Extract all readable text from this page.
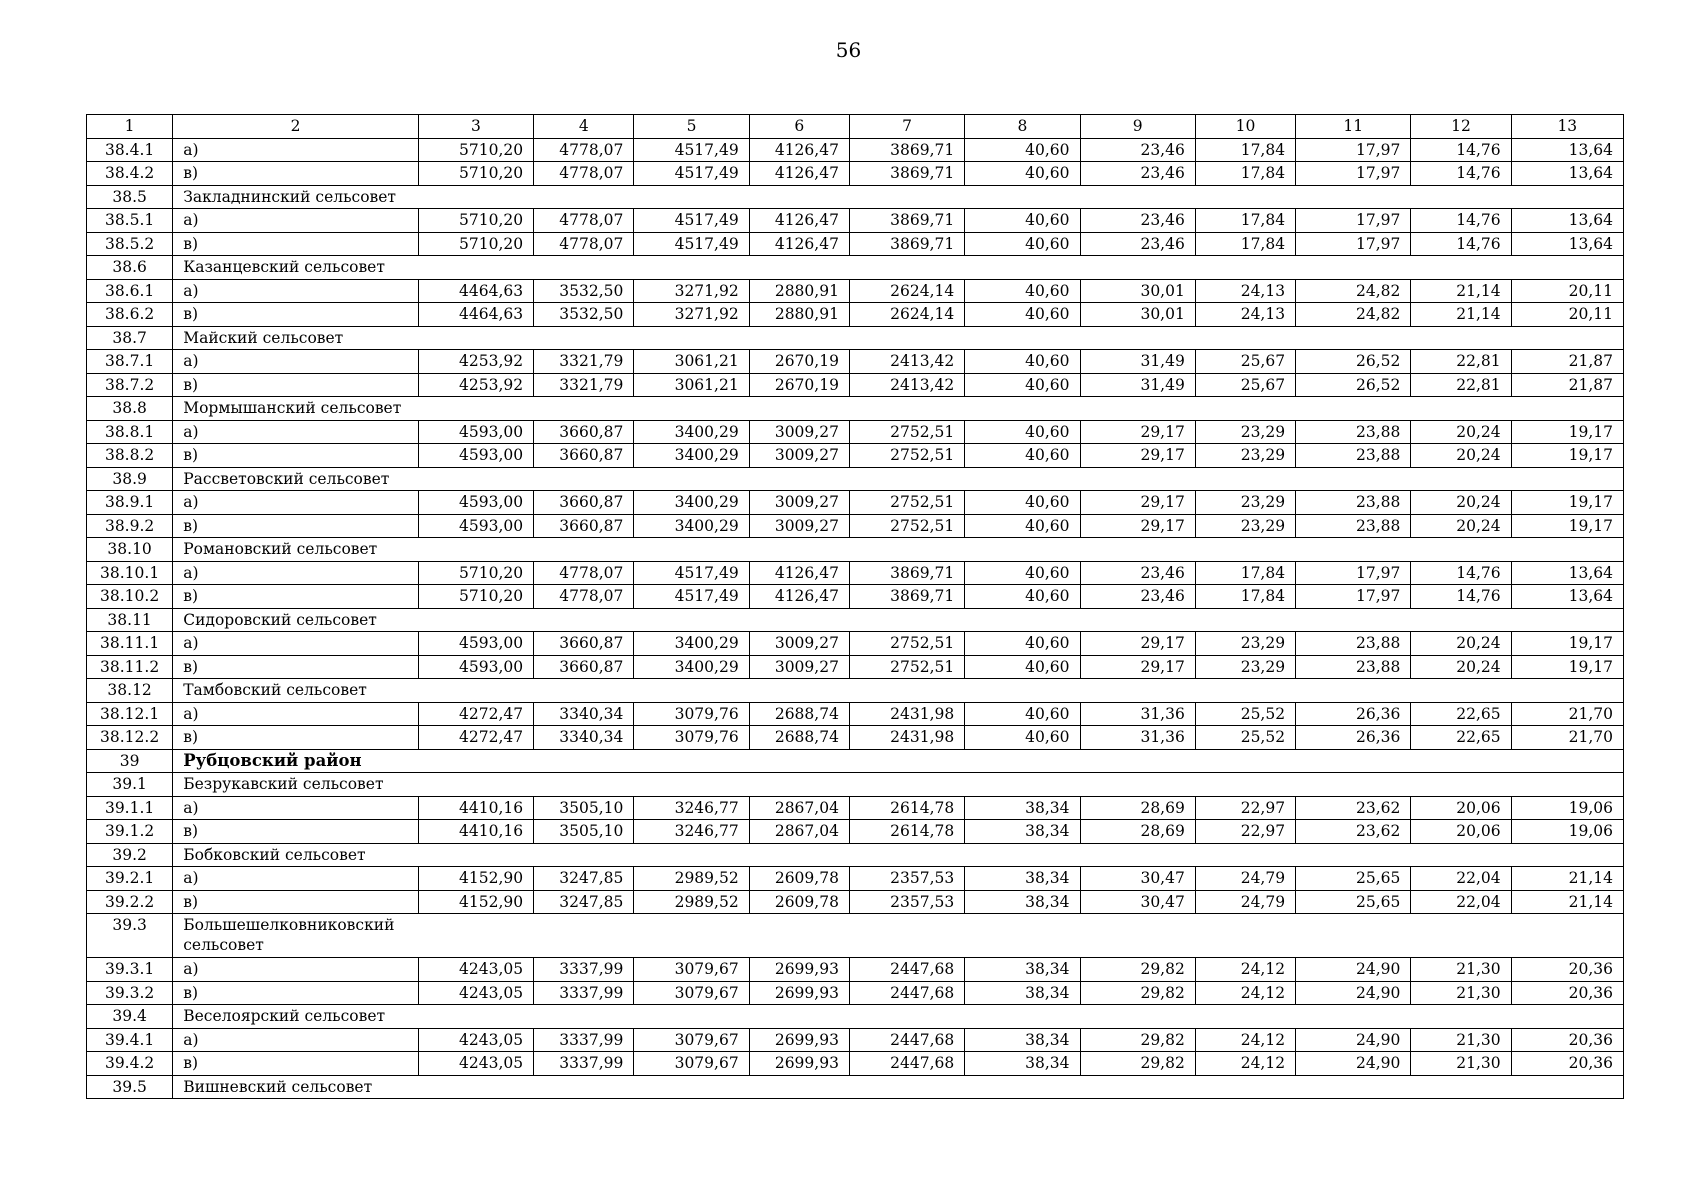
56
1	2	3	4	5	6	7	8	9	10	11	12	13
38.4.1	а)	5710,20	4778,07	4517,49	4126,47	3869,71	40,60	23,46	17,84	17,97	14,76	13,64
38.4.2	в)	5710,20	4778,07	4517,49	4126,47	3869,71	40,60	23,46	17,84	17,97	14,76	13,64
38.5	Закладнинский сельсовет											
38.5.1	а)	5710,20	4778,07	4517,49	4126,47	3869,71	40,60	23,46	17,84	17,97	14,76	13,64
38.5.2	в)	5710,20	4778,07	4517,49	4126,47	3869,71	40,60	23,46	17,84	17,97	14,76	13,64
38.6	Казанцевский сельсовет											
38.6.1	а)	4464,63	3532,50	3271,92	2880,91	2624,14	40,60	30,01	24,13	24,82	21,14	20,11
38.6.2	в)	4464,63	3532,50	3271,92	2880,91	2624,14	40,60	30,01	24,13	24,82	21,14	20,11
38.7	Майский сельсовет											
38.7.1	а)	4253,92	3321,79	3061,21	2670,19	2413,42	40,60	31,49	25,67	26,52	22,81	21,87
38.7.2	в)	4253,92	3321,79	3061,21	2670,19	2413,42	40,60	31,49	25,67	26,52	22,81	21,87
38.8	Мормышанский сельсовет											
38.8.1	а)	4593,00	3660,87	3400,29	3009,27	2752,51	40,60	29,17	23,29	23,88	20,24	19,17
38.8.2	в)	4593,00	3660,87	3400,29	3009,27	2752,51	40,60	29,17	23,29	23,88	20,24	19,17
38.9	Рассветовский сельсовет											
38.9.1	а)	4593,00	3660,87	3400,29	3009,27	2752,51	40,60	29,17	23,29	23,88	20,24	19,17
38.9.2	в)	4593,00	3660,87	3400,29	3009,27	2752,51	40,60	29,17	23,29	23,88	20,24	19,17
38.10	Романовский сельсовет											
38.10.1	а)	5710,20	4778,07	4517,49	4126,47	3869,71	40,60	23,46	17,84	17,97	14,76	13,64
38.10.2	в)	5710,20	4778,07	4517,49	4126,47	3869,71	40,60	23,46	17,84	17,97	14,76	13,64
38.11	Сидоровский сельсовет											
38.11.1	а)	4593,00	3660,87	3400,29	3009,27	2752,51	40,60	29,17	23,29	23,88	20,24	19,17
38.11.2	в)	4593,00	3660,87	3400,29	3009,27	2752,51	40,60	29,17	23,29	23,88	20,24	19,17
38.12	Тамбовский сельсовет											
38.12.1	а)	4272,47	3340,34	3079,76	2688,74	2431,98	40,60	31,36	25,52	26,36	22,65	21,70
38.12.2	в)	4272,47	3340,34	3079,76	2688,74	2431,98	40,60	31,36	25,52	26,36	22,65	21,70
39	Рубцовский район											
39.1	Безрукавский сельсовет											
39.1.1	а)	4410,16	3505,10	3246,77	2867,04	2614,78	38,34	28,69	22,97	23,62	20,06	19,06
39.1.2	в)	4410,16	3505,10	3246,77	2867,04	2614,78	38,34	28,69	22,97	23,62	20,06	19,06
39.2	Бобковский сельсовет											
39.2.1	а)	4152,90	3247,85	2989,52	2609,78	2357,53	38,34	30,47	24,79	25,65	22,04	21,14
39.2.2	в)	4152,90	3247,85	2989,52	2609,78	2357,53	38,34	30,47	24,79	25,65	22,04	21,14
39.3	Большешелковниковский сельсовет											

39.3.1	а)	4243,05	3337,99	3079,67	2699,93	2447,68	38,34	29,82	24,12	24,90	21,30	20,36
39.3.2	в)	4243,05	3337,99	3079,67	2699,93	2447,68	38,34	29,82	24,12	24,90	21,30	20,36
39.4	Веселоярский сельсовет											
39.4.1	а)	4243,05	3337,99	3079,67	2699,93	2447,68	38,34	29,82	24,12	24,90	21,30	20,36
39.4.2	в)	4243,05	3337,99	3079,67	2699,93	2447,68	38,34	29,82	24,12	24,90	21,30	20,36
39.5	Вишневский сельсовет											
